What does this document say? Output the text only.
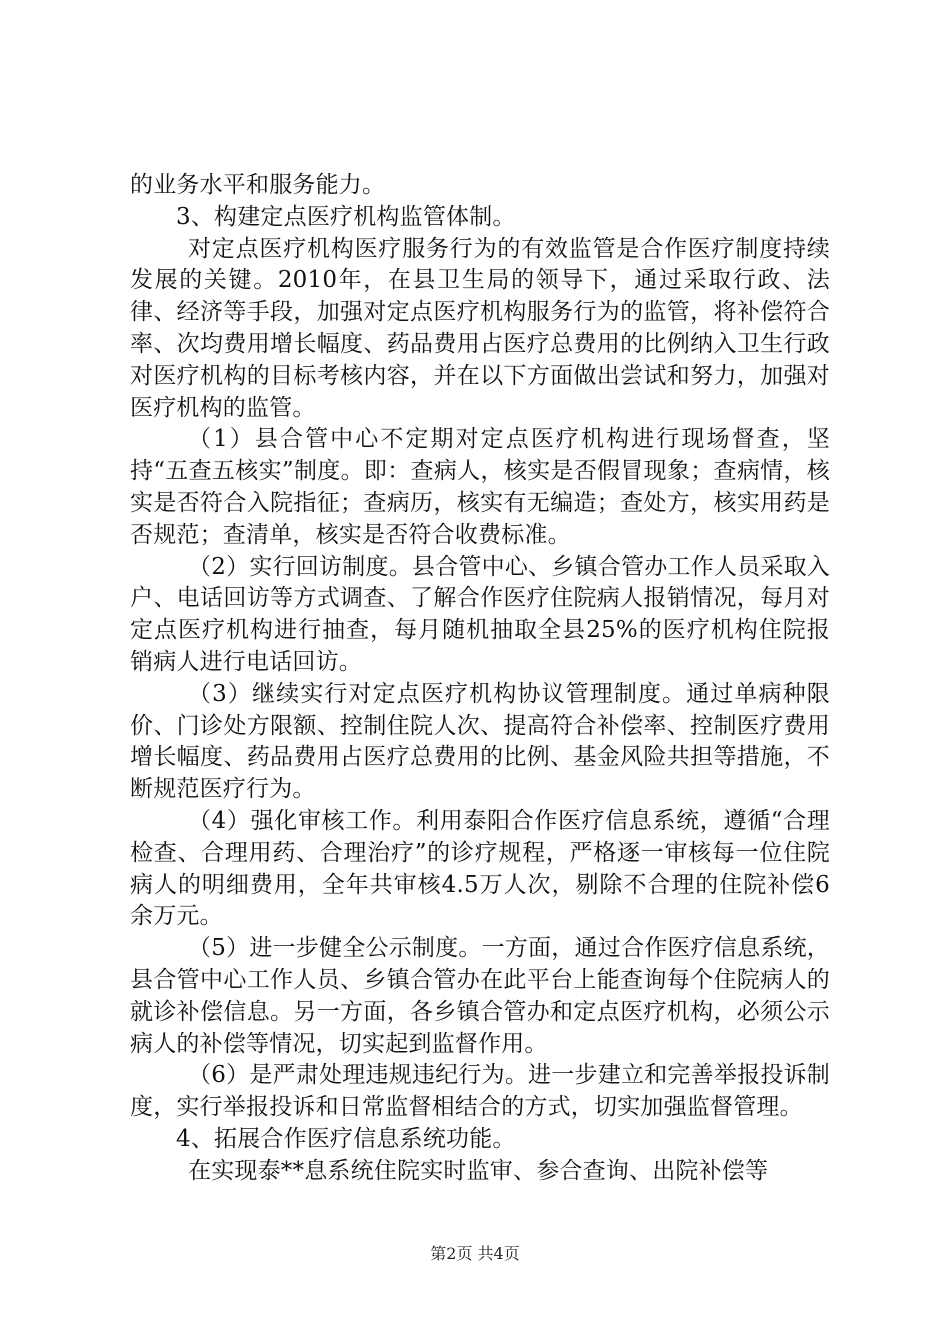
的业务水平和服务能力。

3、构建定点医疗机构监管体制。

对定点医疗机构医疗服务行为的有效监管是合作医疗制度持续发展的关键。2010年，在县卫生局的领导下，通过采取行政、法律、经济等手段，加强对定点医疗机构服务行为的监管，将补偿符合率、次均费用增长幅度、药品费用占医疗总费用的比例纳入卫生行政对医疗机构的目标考核内容，并在以下方面做出尝试和努力，加强对医疗机构的监管。

（1）县合管中心不定期对定点医疗机构进行现场督查，坚持“五查五核实”制度。即：查病人，核实是否假冒现象；查病情，核实是否符合入院指征；查病历，核实有无编造；查处方，核实用药是否规范；查清单，核实是否符合收费标准。

（2）实行回访制度。县合管中心、乡镇合管办工作人员采取入户、电话回访等方式调查、了解合作医疗住院病人报销情况，每月对定点医疗机构进行抽查，每月随机抽取全县25%的医疗机构住院报销病人进行电话回访。

（3）继续实行对定点医疗机构协议管理制度。通过单病种限价、门诊处方限额、控制住院人次、提高符合补偿率、控制医疗费用增长幅度、药品费用占医疗总费用的比例、基金风险共担等措施，不断规范医疗行为。

（4）强化审核工作。利用泰阳合作医疗信息系统，遵循“合理检查、合理用药、合理治疗”的诊疗规程，严格逐一审核每一位住院病人的明细费用，全年共审核4.5万人次，剔除不合理的住院补偿6余万元。

（5）进一步健全公示制度。一方面，通过合作医疗信息系统，县合管中心工作人员、乡镇合管办在此平台上能查询每个住院病人的就诊补偿信息。另一方面，各乡镇合管办和定点医疗机构，必须公示病人的补偿等情况，切实起到监督作用。

（6）是严肃处理违规违纪行为。进一步建立和完善举报投诉制度，实行举报投诉和日常监督相结合的方式，切实加强监督管理。

4、拓展合作医疗信息系统功能。

在实现泰**息系统住院实时监审、参合查询、出院补偿等

第2页 共4页
